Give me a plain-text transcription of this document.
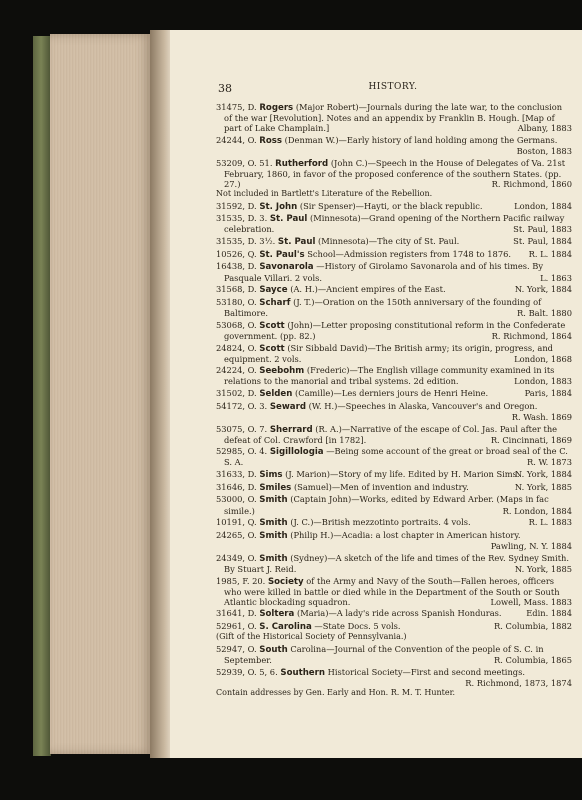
38	HISTORY.
31475, D. Rogers (Major Robert)—Journals during the late war, to the conclusion of the war [Revolution]. Notes and an appendix by Franklin B. Hough. [Map of part of Lake Champlain.]	Albany, 1883
24244, O. Ross (Denman W.)—Early history of land holding among the Germans.
Boston, 1883
53209, O. 51. Rutherford (John C.)—Speech in the House of Delegates of Va. 21st February, 1860, in favor of the proposed conference of the southern States. (pp. 27.)	R. Richmond, 1860
Not included in Bartlett's Literature of the Rebellion.
31592, D. St. John (Sir Spenser)—Hayti, or the black republic.	London, 1884
31535, D. 3. St. Paul (Minnesota)—Grand opening of the Northern Pacific railway celebration.	St. Paul, 1883
31535, D. 3½. St. Paul (Minnesota)—The city of St. Paul.	St. Paul, 1884
10526, Q. St. Paul's School—Admission registers from 1748 to 1876. R. L. 1884
16438, D. Savonarola —History of Girolamo Savonarola and of his times. By Pasquale Villari. 2 vols.	L. 1863
31568, D. Sayce (A. H.)—Ancient empires of the East.	N. York, 1884
53180, O. Scharf (J. T.)—Oration on the 150th anniversary of the founding of Baltimore.	R. Balt. 1880
53068, O. Scott (John)—Letter proposing constitutional reform in the Confederate government. (pp. 82.)	R. Richmond, 1864
24824, O. Scott (Sir Sibbald David)—The British army; its origin, progress, and equipment. 2 vols.	London, 1868
24224, O. Seebohm (Frederic)—The English village community examined in its relations to the manorial and tribal systems. 2d edition.	London, 1883
31502, D. Selden (Camille)—Les derniers jours de Henri Heine.	Paris, 1884
54172, O. 3. Seward (W. H.)—Speeches in Alaska, Vancouver's and Oregon.
R. Wash. 1869
53075, O. 7. Sherrard (R. A.)—Narrative of the escape of Col. Jas. Paul after the defeat of Col. Crawford [in 1782].	R. Cincinnati, 1869
52985, O. 4. Sigillologia —Being some account of the great or broad seal of the C. S. A.	R. W. 1873
31633, D. Sims (J. Marion)—Story of my life. Edited by H. Marion Sims.
N. York, 1884
31646, D. Smiles (Samuel)—Men of invention and industry.	N. York, 1885
53000, O. Smith (Captain John)—Works, edited by Edward Arber. (Maps in fac simile.)	R. London, 1884
10191, Q. Smith (J. C.)—British mezzotinto portraits. 4 vols.	R. L. 1883
24265, O. Smith (Philip H.)—Acadia: a lost chapter in American history.
Pawling, N. Y. 1884
24349, O. Smith (Sydney)—A sketch of the life and times of the Rev. Sydney Smith. By Stuart J. Reid.	N. York, 1885
1985, F. 20. Society of the Army and Navy of the South—Fallen heroes, officers who were killed in battle or died while in the Department of the South or South Atlantic blockading squadron.	Lowell, Mass. 1883
31641, D. Soltera (Maria)—A lady's ride across Spanish Honduras.	Edin. 1884
52961, O. S. Carolina —State Docs. 5 vols.	R. Columbia, 1882
(Gift of the Historical Society of Pennsylvania.)
52947, O. South Carolina—Journal of the Convention of the people of S. C. in September.	R. Columbia, 1865
52939, O. 5, 6. Southern Historical Society—First and second meetings.
R. Richmond, 1873, 1874
Contain addresses by Gen. Early and Hon. R. M. T. Hunter.
